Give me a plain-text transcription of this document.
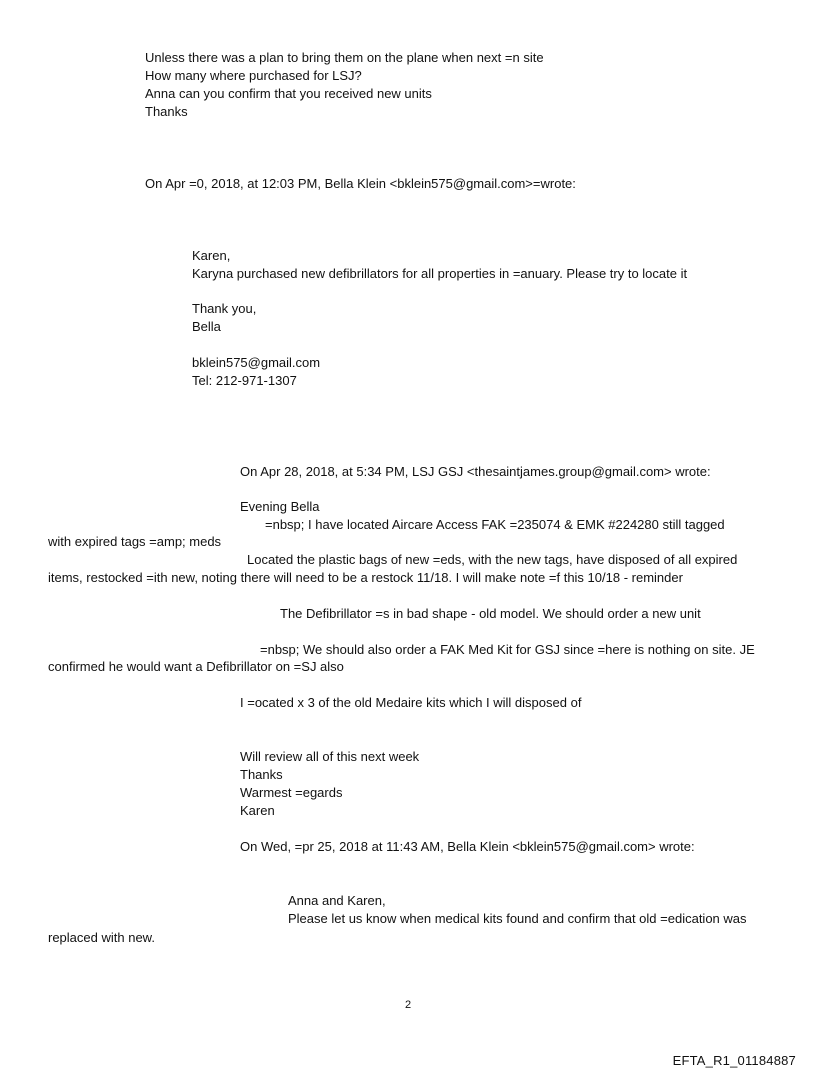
Unless there was a plan to bring them on the plane when next =n site
How many where purchased for LSJ?
Anna can you confirm that you received new units
Thanks
On Apr =0, 2018, at 12:03 PM, Bella Klein <bklein575@gmail.com>=wrote:
Karen,
Karyna purchased new defibrillators for all properties in =anuary. Please try to locate it
Thank you,
Bella
bklein575@gmail.com
Tel: 212-971-1307
On Apr 28, 2018, at 5:34 PM, LSJ GSJ <thesaintjames.group@gmail.com> wrote:
Evening Bella
=nbsp; I have located Aircare Access FAK =235074 & EMK #224280 still tagged
with expired tags =amp; meds
Located the plastic bags of new =eds, with the new tags, have disposed of all expired
items, restocked =ith new, noting there will need to be a restock 11/18. I will make note =f this 10/18 - reminder
The Defibrillator =s in bad shape - old model. We should order a new unit
=nbsp; We should also order a FAK Med Kit for GSJ since =here is nothing on site. JE
confirmed he would want a Defibrillator on =SJ also
I =ocated x 3 of the old Medaire kits which I will disposed of
Will review all of this next week
Thanks
Warmest =egards
Karen
On Wed, =pr 25, 2018 at 11:43 AM, Bella Klein <bklein575@gmail.com> wrote:
Anna and Karen,
Please let us know when medical kits found and confirm that old =edication was
replaced with new.
2
EFTA_R1_01184887
